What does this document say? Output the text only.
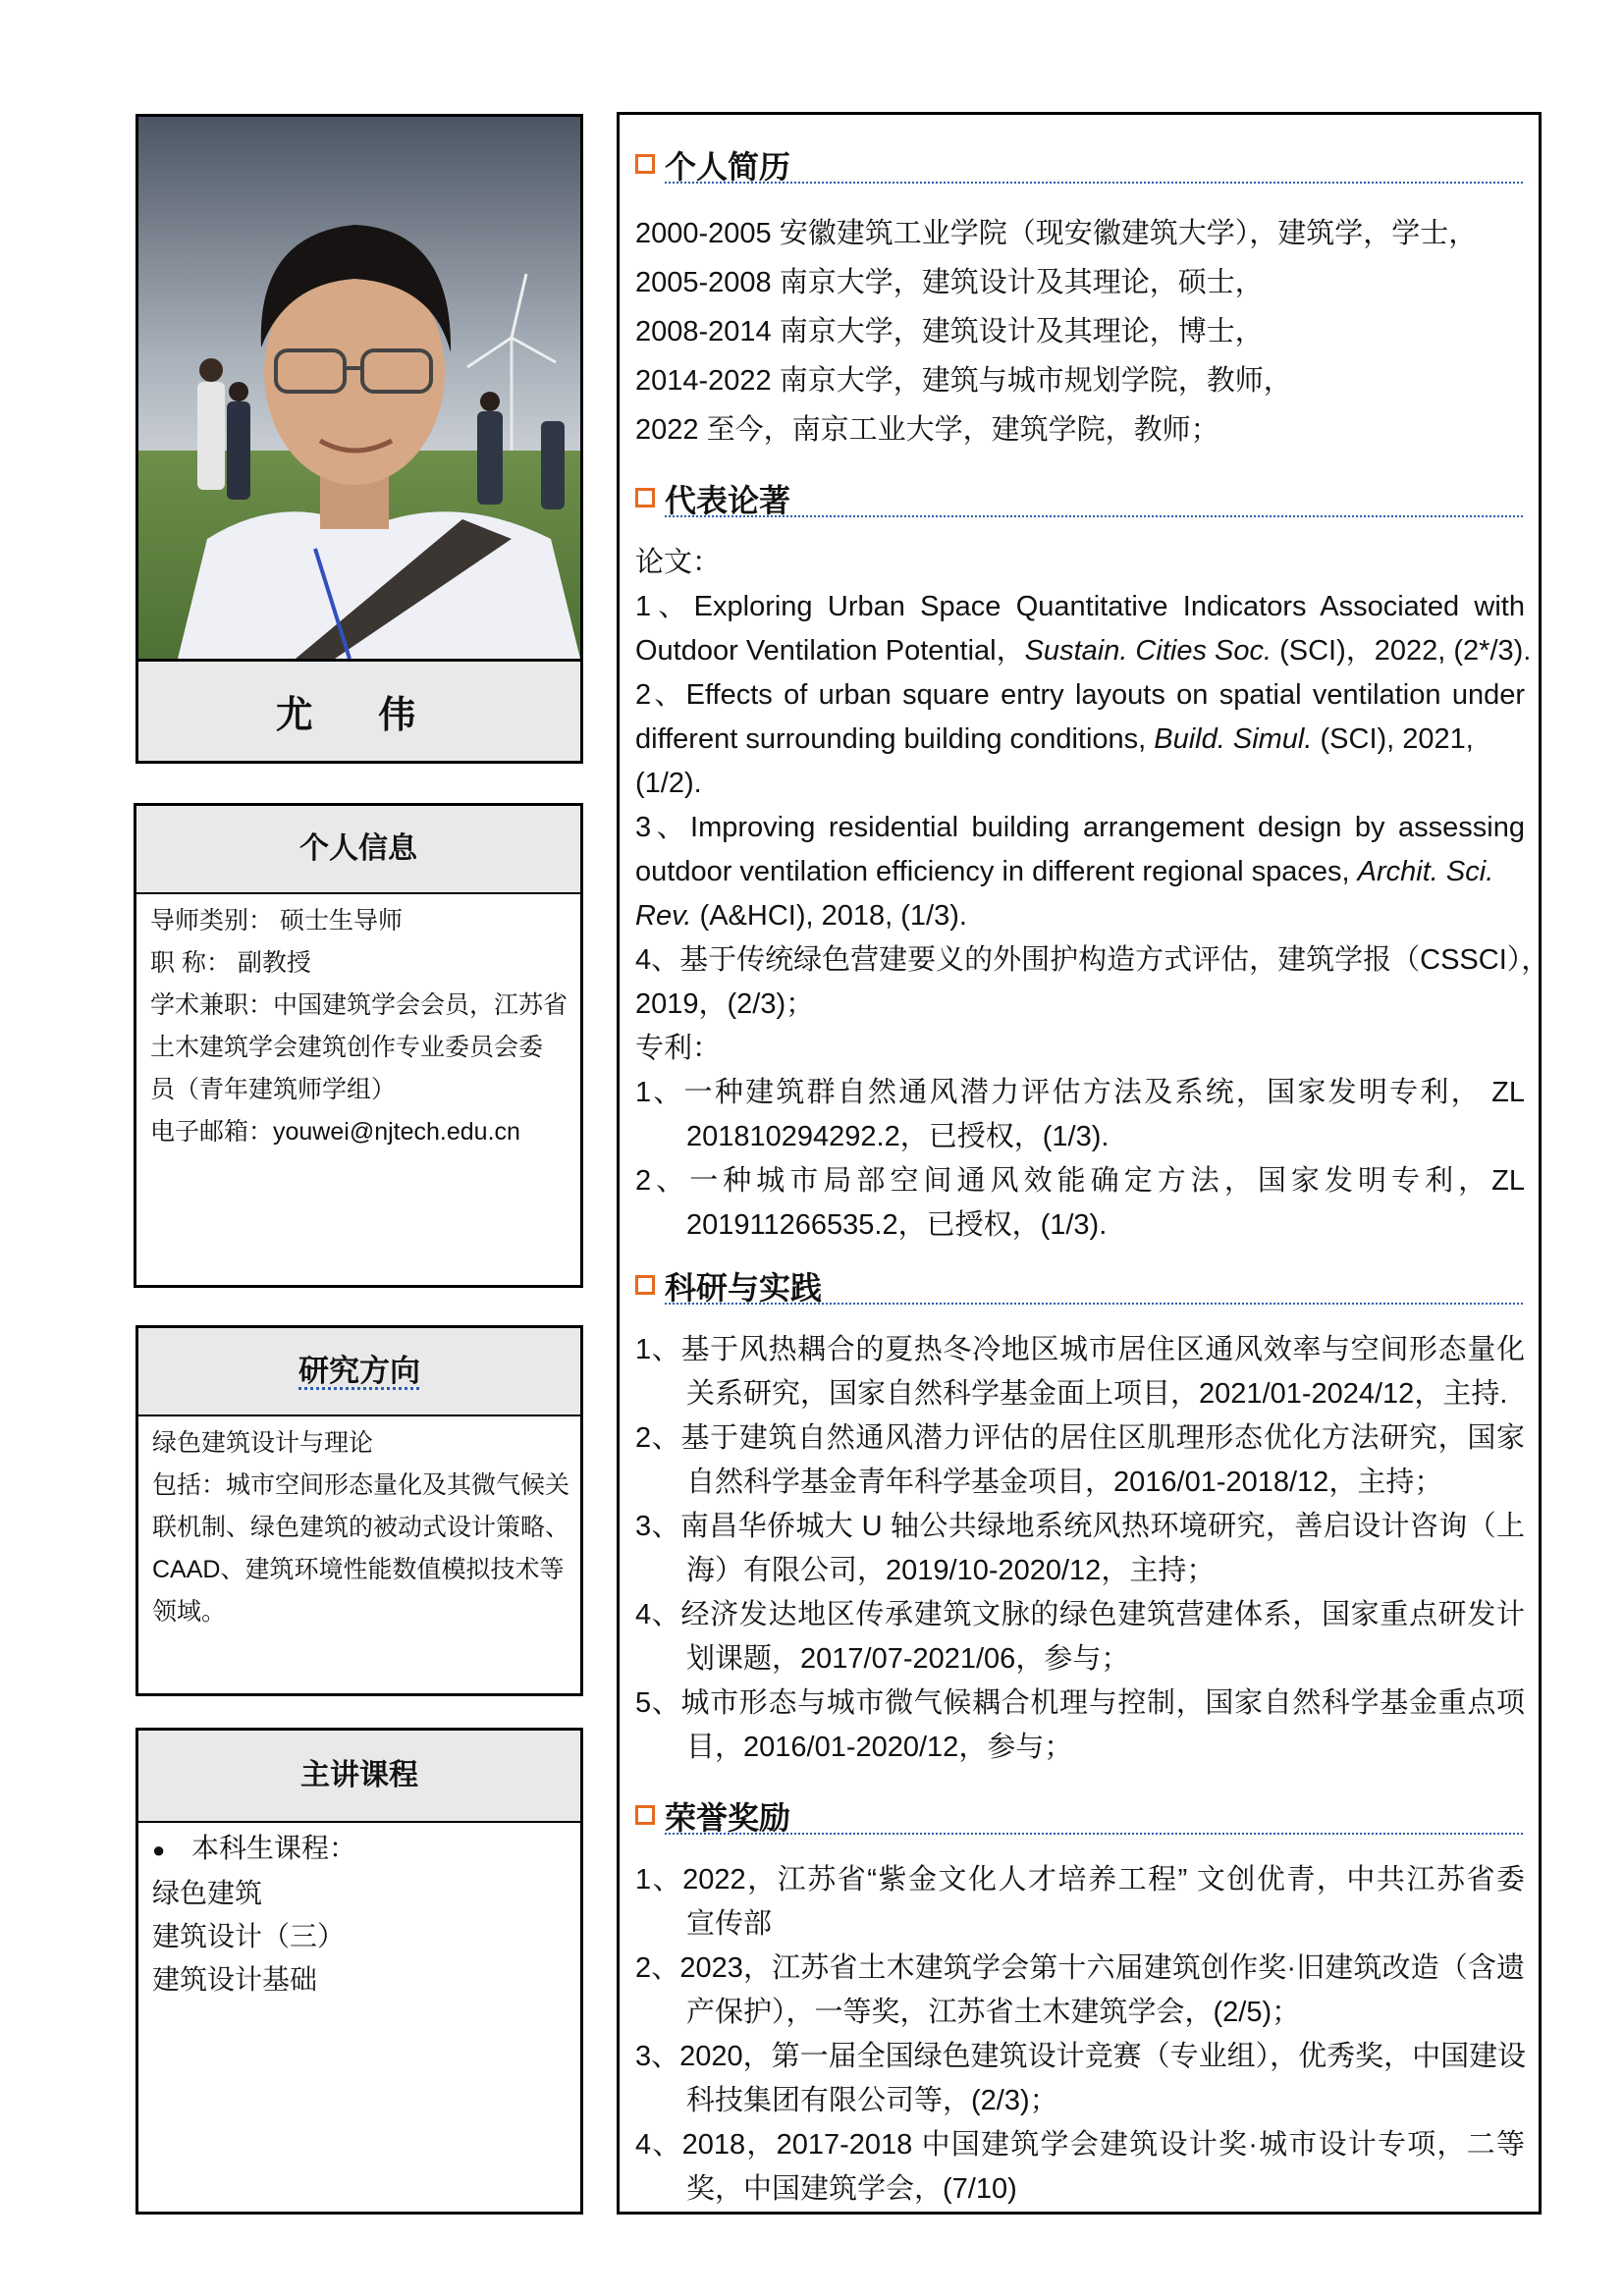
尤 伟
个人信息
导师类别： 硕士生导师
职 称： 副教授
学术兼职：中国建筑学会会员，江苏省
土木建筑学会建筑创作专业委员会委
员（青年建筑师学组）
电子邮箱：youwei@njtech.edu.cn
研究方向
绿色建筑设计与理论
包括：城市空间形态量化及其微气候关
联机制、绿色建筑的被动式设计策略、
CAAD、建筑环境性能数值模拟技术等
领域。
主讲课程
● 本科生课程：
绿色建筑
建筑设计（三）
建筑设计基础
个人简历
2000-2005 安徽建筑工业学院（现安徽建筑大学），建筑学，学士，
2005-2008 南京大学，建筑设计及其理论，硕士，
2008-2014 南京大学，建筑设计及其理论，博士，
2014-2022 南京大学，建筑与城市规划学院，教师，
2022 至今，南京工业大学，建筑学院，教师；
代表论著
论文：
1、Exploring Urban Space Quantitative Indicators Associated with
Outdoor Ventilation Potential，Sustain. Cities Soc. (SCI)，2022, (2*/3).
2、Effects of urban square entry layouts on spatial ventilation under
different surrounding building conditions, Build. Simul. (SCI), 2021,
(1/2).
3、Improving residential building arrangement design by assessing
outdoor ventilation efficiency in different regional spaces, Archit. Sci.
Rev. (A&HCI), 2018, (1/3).
4、基于传统绿色营建要义的外围护构造方式评估，建筑学报（CSSCI），
2019，(2/3)；
专利：
1、一种建筑群自然通风潜力评估方法及系统，国家发明专利， ZL
201810294292.2，已授权，(1/3).
2、一种城市局部空间通风效能确定方法，国家发明专利，ZL
201911266535.2，已授权，(1/3).
科研与实践
1、基于风热耦合的夏热冬冷地区城市居住区通风效率与空间形态量化
关系研究，国家自然科学基金面上项目，2021/01-2024/12，主持.
2、基于建筑自然通风潜力评估的居住区肌理形态优化方法研究，国家
自然科学基金青年科学基金项目，2016/01-2018/12，主持；
3、南昌华侨城大 U 轴公共绿地系统风热环境研究，善启设计咨询（上
海）有限公司，2019/10-2020/12，主持；
4、经济发达地区传承建筑文脉的绿色建筑营建体系，国家重点研发计
划课题，2017/07-2021/06，参与；
5、城市形态与城市微气候耦合机理与控制，国家自然科学基金重点项
目，2016/01-2020/12，参与；
荣誉奖励
1、2022，江苏省“紫金文化人才培养工程” 文创优青，中共江苏省委
宣传部
2、2023，江苏省土木建筑学会第十六届建筑创作奖·旧建筑改造（含遗
产保护），一等奖，江苏省土木建筑学会，(2/5)；
3、2020，第一届全国绿色建筑设计竞赛（专业组），优秀奖，中国建设
科技集团有限公司等，(2/3)；
4、2018，2017-2018 中国建筑学会建筑设计奖·城市设计专项，二等
奖，中国建筑学会，(7/10)
